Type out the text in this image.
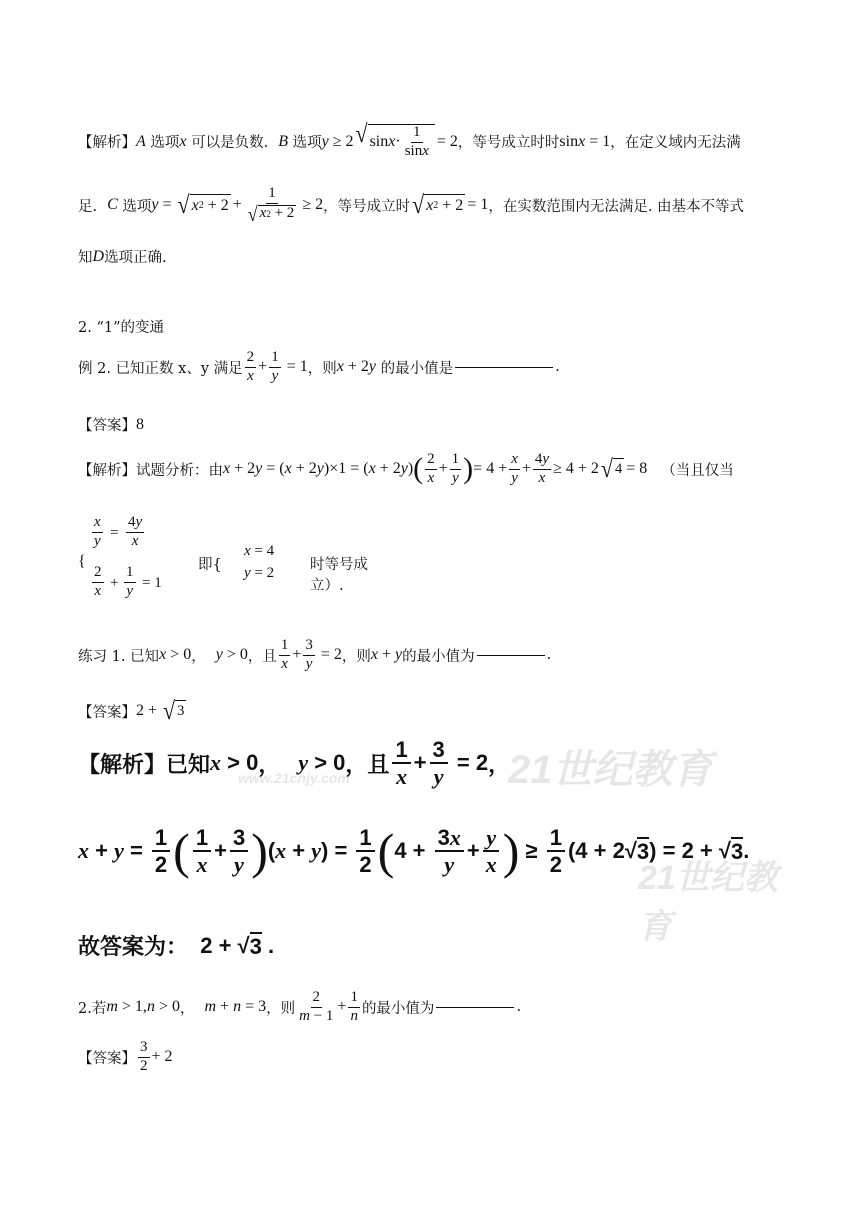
【解析】 A
选项 x
可以是负数. B
选项 y ≥ 2 √ $\sin x \cdot \frac{1}{\sin x} = 2$ ，等号成立时时 sin x = 1 ，在定义域内无法满
足. C
选项 y = √ x $2 + 2 + \frac{1}{√ x 2 + 2} \ge 2$ ，等号成立时 √ x 2 + 2 = 1 ，在实数范围内无法满足. 由基本不等式
知 D 选项正确.
2. “1”的变通
例 2.
已知正数 x、y 满足 $\frac{2}{x} + \frac{1}{y} = 1$ ，则 x + 2 y
的最小值是	.
【答案】 8
【解析】 试题分析：由 x + 2 y = ( x + 2 y )×1 = ( x + 2 y ) ( $\frac{2}{x} + \frac{1}{y}$ ) = $4 + \frac{x}{y} + \frac{4y}{x} \ge 4 + 2$ √ 4 = 8 （当且仅当
{
$\frac{x}{y} = \frac{4y}{x}$
$\frac{2}{x} + \frac{1}{y} = 1$
即{
x = 4
y = 2 时等号成立）.
练习 1.
已知 x > 0 ， y > 0 ，且 $\frac{1}{x} + \frac{3}{y} = 2$ ，则 x + y 的最小值为	.
【答案】 2 + √ 3
21世纪教育
21世纪教育
www.21cnjy.com
【解析】已知 x > 0 ， y > 0 ，且 $\frac{1}{x} + \frac{3}{y} = 2$ ，
$x + y = \frac{1}{2}$ ( $\frac{1}{x} + \frac{3}{y}$ ) ( x + y ) = $\frac{1}{2}$ ( $4 + \frac{3x}{y} + \frac{y}{x}$ ) ≥ $\frac{1}{2} (4 + 2√$ 3 ) = 2 + √ 3 .
故答案为： 2 + √ 3 .
2.若 m > 1, n > 0 ， m + n = 3 ，则 $\frac{2}{m - 1} + \frac{1}{n}$ 的最小值为	.
【答案】 $\frac{3}{2} + 2$
